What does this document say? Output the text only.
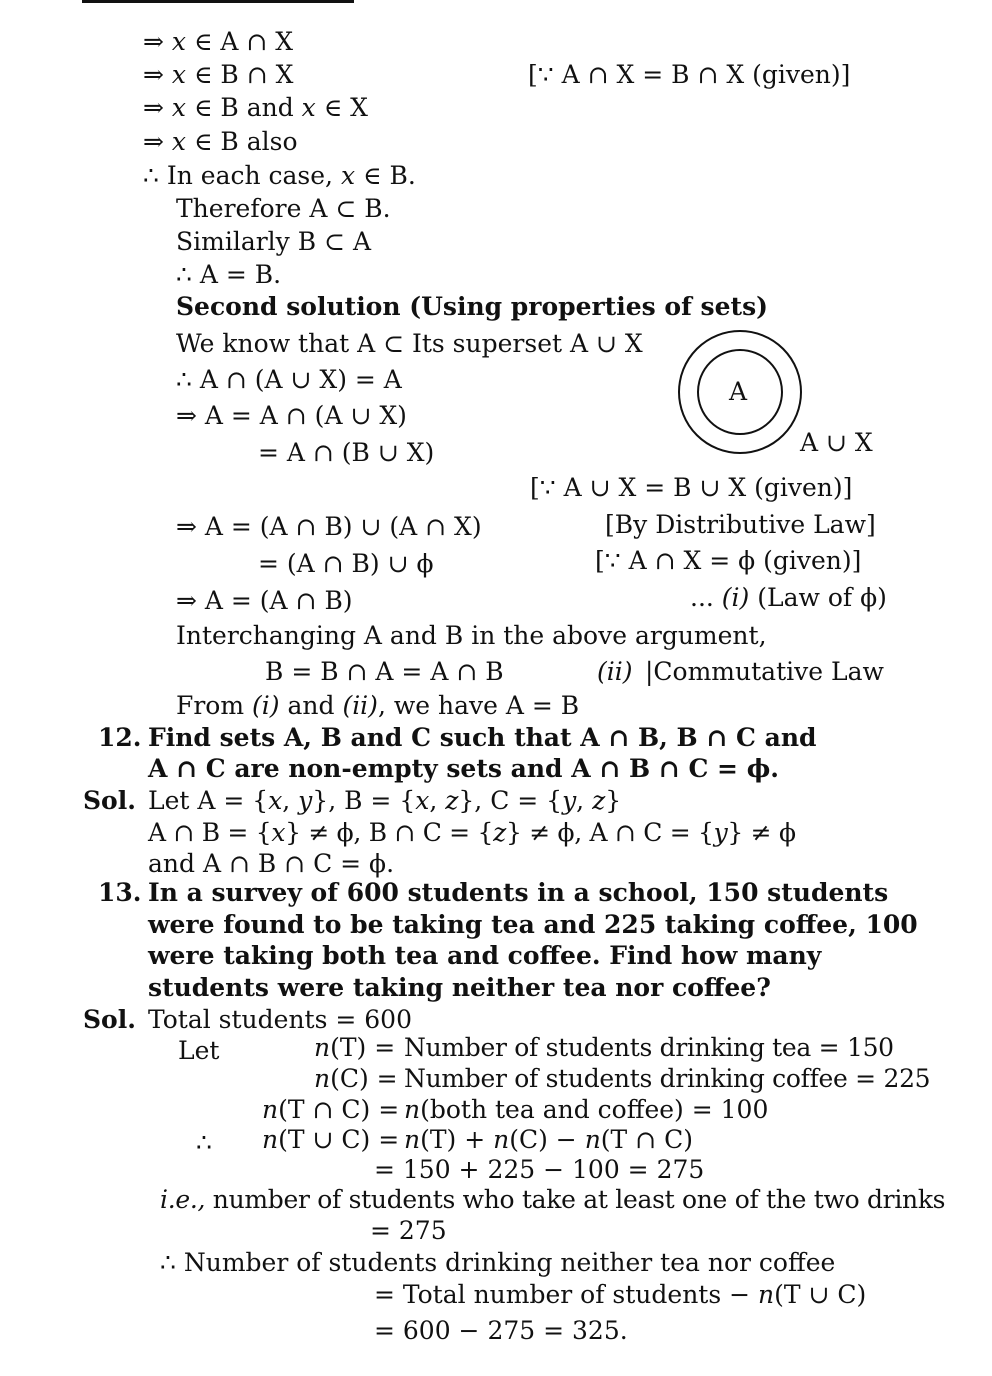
⇒ 𝑥 ∈ A ∩ X
⇒ 𝑥 ∈ B ∩ X	[∵ A ∩ X = B ∩ X (given)]
⇒ 𝑥 ∈ B and 𝑥 ∈ X
⇒ 𝑥 ∈ B also
∴ In each case, 𝑥 ∈ B.
Therefore A ⊂ B.
Similarly B ⊂ A
∴ A = B.
Second solution (Using properties of sets)
We know that A ⊂ Its superset A ∪ X
∴ A ∩ (A ∪ X) = A
⇒ A = A ∩ (A ∪ X)
= A ∩ (B ∪ X)
A
A ∪ X
[∵ A ∪ X = B ∪ X (given)]
⇒ A = (A ∩ B) ∪ (A ∩ X)	[By Distributive Law]
= (A ∩ B) ∪ ϕ	[∵ A ∩ X = ϕ (given)]
⇒ A = (A ∩ B)	... (i) (Law of ϕ)
Interchanging A and B in the above argument,
B = B ∩ A = A ∩ B	(ii) |Commutative Law
From (i) and (ii), we have A = B
12. Find sets A, B and C such that A ∩ B, B ∩ C and
A ∩ C are non-empty sets and A ∩ B ∩ C = ϕ.
Sol. Let A = {𝑥, 𝑦}, B = {𝑥, 𝑧}, C = {𝑦, 𝑧}
A ∩ B = {𝑥} ≠ ϕ, B ∩ C = {𝑧} ≠ ϕ, A ∩ C = {𝑦} ≠ ϕ
and A ∩ B ∩ C = ϕ.
13. In a survey of 600 students in a school, 150 students
were found to be taking tea and 225 taking coffee, 100
were taking both tea and coffee. Find how many
students were taking neither tea nor coffee?
Sol. Total students = 600
Let	𝑛(T) = Number of students drinking tea = 150
𝑛(C) = Number of students drinking coffee = 225
𝑛(T ∩ C) = 𝑛(both tea and coffee) = 100
∴ 𝑛(T ∪ C) = 𝑛(T) + 𝑛(C) − 𝑛(T ∩ C)
= 150 + 225 − 100 = 275
i.e., number of students who take at least one of the two drinks
= 275
∴ Number of students drinking neither tea nor coffee
= Total number of students − 𝑛(T ∪ C)
= 600 − 275 = 325.
